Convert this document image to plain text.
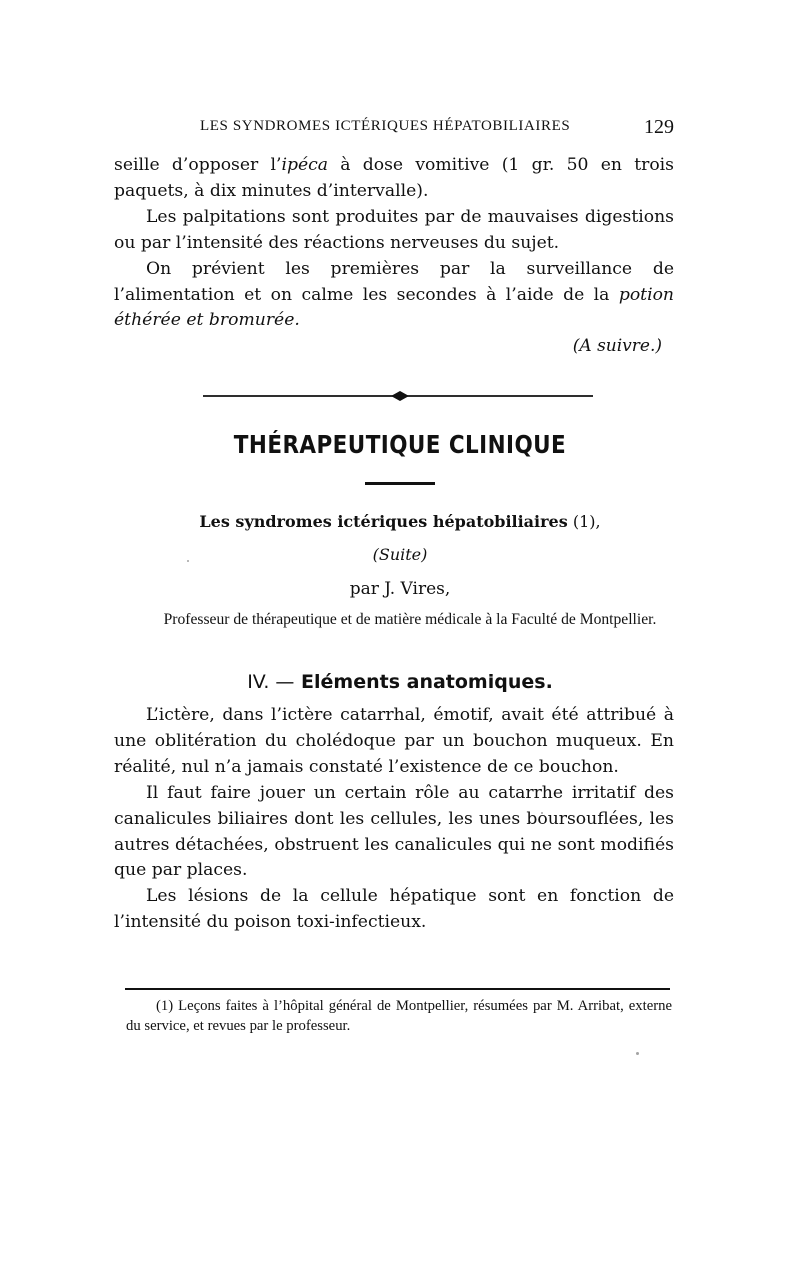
LES SYNDROMES ICTÉRIQUES HÉPATOBILIAIRES	129

seille d’opposer l’ipéca à dose vomitive (1 gr. 50 en trois paquets, à dix minutes d’intervalle).

Les palpitations sont produites par de mauvaises digestions ou par l’intensité des réactions nerveuses du sujet.

On prévient les premières par la surveillance de l’alimentation et on calme les secondes à l’aide de la potion éthérée et bromurée.

(A suivre.)

THÉRAPEUTIQUE CLINIQUE
Les syndromes ictériques hépatobiliaires (1),
(Suite)
par J. Vires,
Professeur de thérapeutique et de matière médicale à la Faculté de Montpellier.
IV. — Eléments anatomiques.

L’ictère, dans l’ictère catarrhal, émotif, avait été attribué à une oblitération du cholédoque par un bouchon muqueux. En réalité, nul n’a jamais constaté l’existence de ce bouchon.

Il faut faire jouer un certain rôle au catarrhe irritatif des canalicules biliaires dont les cellules, les unes boursouflées, les autres détachées, obstruent les canalicules qui ne sont modifiés que par places.

Les lésions de la cellule hépatique sont en fonction de l’intensité du poison toxi-infectieux.

(1) Leçons faites à l’hôpital général de Montpellier, résumées par M. Arribat, externe du service, et revues par le professeur.
